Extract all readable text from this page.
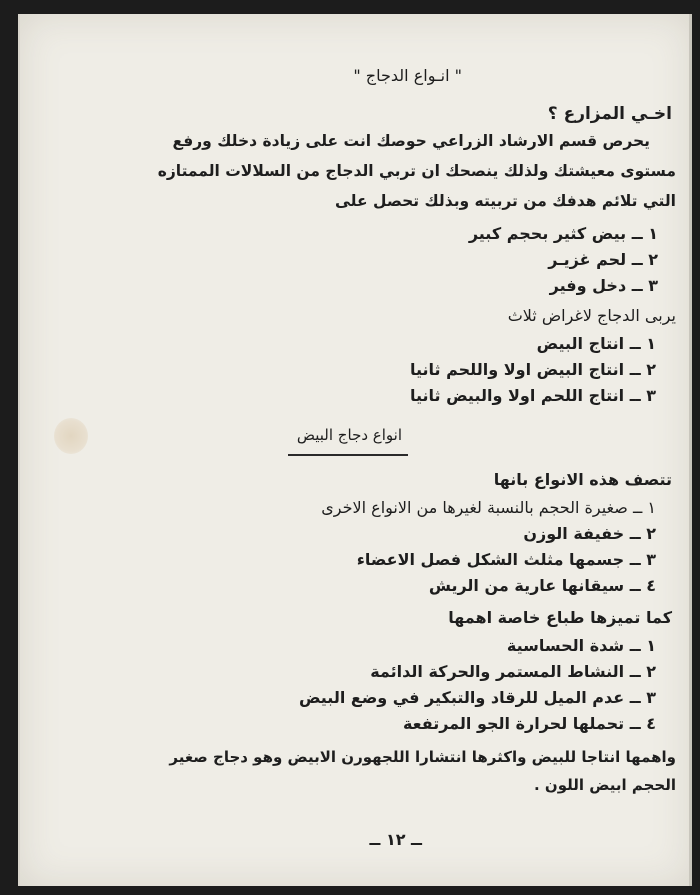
" انـواع الدجاج "
اخـي المزارع ؟
يحرص قسم الارشاد الزراعي حوصك انت على زيادة دخلك ورفع
مستوى معيشتك ولذلك ينصحك ان تربي الدجاج من السلالات الممتازه
التي تلائم هدفك من تربيته وبذلك تحصل على
١ ــ بيض كثير بحجم كبير
٢ ــ لحم غزيـر
٣ ــ دخل وفير
يربى الدجاج لاغراض ثلاث
١ ــ انتاج البيض
٢ ــ انتاج البيض اولا واللحم ثانيا
٣ ــ انتاج اللحم اولا والبيض ثانيا
انواع دجاج البيض
تتصف هذه الانواع بانها
١ ــ صغيرة الحجم بالنسبة لغيرها من الانواع الاخرى
٢ ــ خفيفة الوزن
٣ ــ جسمها مثلث الشكل فصل الاعضاء
٤ ــ سيقانها عارية من الريش
كما تميزها طباع خاصة اهمها
١ ــ شدة الحساسية
٢ ــ النشاط المستمر والحركة الدائمة
٣ ــ عدم الميل للرقاد والتبكير في وضع البيض
٤ ــ تحملها لحرارة الجو المرتفعة
واهمها انتاجا للبيض واكثرها انتشارا اللجهورن الابيض وهو دجاج صغير
الحجم ابيض اللون .
ــ ١٢ ــ
